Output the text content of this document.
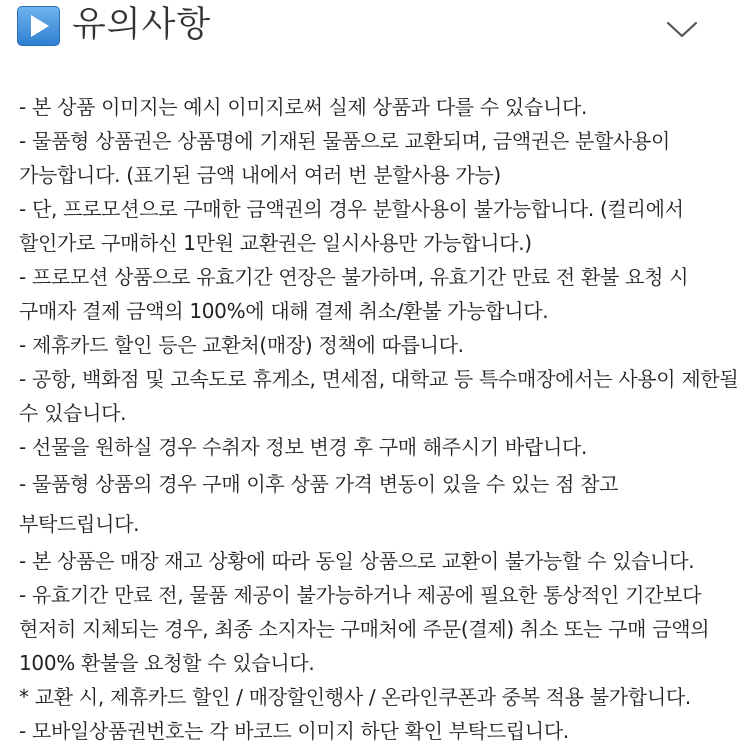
유의사항
- 본 상품 이미지는 예시 이미지로써 실제 상품과 다를 수 있습니다.
- 물품형 상품권은 상품명에 기재된 물품으로 교환되며, 금액권은 분할사용이 가능합니다. (표기된 금액 내에서 여러 번 분할사용 가능)
- 단, 프로모션으로 구매한 금액권의 경우 분할사용이 불가능합니다. (컬리에서 할인가로 구매하신 1만원 교환권은 일시사용만 가능합니다.)
- 프로모션 상품으로 유효기간 연장은 불가하며, 유효기간 만료 전 환불 요청 시 구매자 결제 금액의 100%에 대해 결제 취소/환불 가능합니다.
- 제휴카드 할인 등은 교환처(매장) 정책에 따릅니다.
- 공항, 백화점 및 고속도로 휴게소, 면세점, 대학교 등 특수매장에서는 사용이 제한될 수 있습니다.
- 선물을 원하실 경우 수취자 정보 변경 후 구매 해주시기 바랍니다.
- 물품형 상품의 경우 구매 이후 상품 가격 변동이 있을 수 있는 점 참고 부탁드립니다.
- 본 상품은 매장 재고 상황에 따라 동일 상품으로 교환이 불가능할 수 있습니다.
- 유효기간 만료 전, 물품 제공이 불가능하거나 제공에 필요한 통상적인 기간보다 현저히 지체되는 경우, 최종 소지자는 구매처에 주문(결제) 취소 또는 구매 금액의 100% 환불을 요청할 수 있습니다.
* 교환 시, 제휴카드 할인 / 매장할인행사 / 온라인쿠폰과 중복 적용 불가합니다.
- 모바일상품권번호는 각 바코드 이미지 하단 확인 부탁드립니다.
